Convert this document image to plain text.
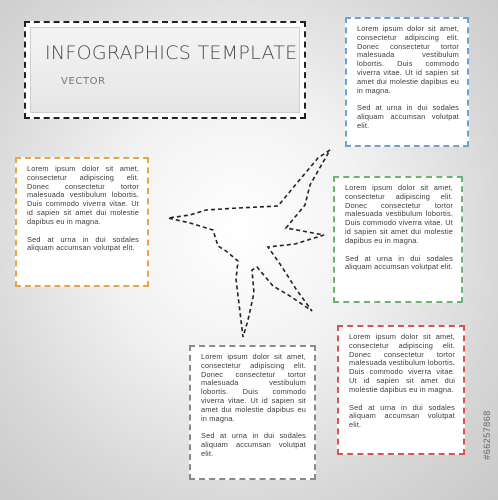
INFOGRAPHICS TEMPLATE
VECTOR

Lorem ipsum dolor sit amet, consectetur adipiscing elit. Donec consectetur tortor malesuada vestibulum lobortis. Duis commodo viverra vitae. Ut id sapien sit amet dui molestie dapibus eu in magna.

Sed at urna in dui sodales aliquam accumsan volutpat elit.

Lorem ipsum dolor sit amet, consectetur adipiscing elit. Donec consectetur tortor malesuada vestibulum lobortis. Duis commodo viverra vitae. Ut id sapien sit amet dui molestie dapibus eu in magna.

Sed at urna in dui sodales aliquam accumsan volutpat elit.

Lorem ipsum dolor sit amet, consectetur adipiscing elit. Donec consectetur tortor malesuada vestibulum lobortis. Duis commodo viverra vitae. Ut id sapien sit amet dui molestie dapibus eu in magna.

Sed at urna in dui sodales aliquam accumsan volutpat elit.

Lorem ipsum dolor sit amet, consectetur adipiscing elit. Donec consectetur tortor malesuada vestibulum lobortis. Duis commodo viverra vitae. Ut id sapien sit amet dui molestie dapibus eu in magna.

Sed at urna in dui sodales aliquam accumsan volutpat elit.

Lorem ipsum dolor sit amet, consectetur adipiscing elit. Donec consectetur tortor malesuada vestibulum lobortis. Duis commodo viverra vitae. Ut id sapien sit amet dui molestie dapibus eu in magna.

Sed at urna in dui sodales aliquam accumsan volutpat elit.	#66257868
